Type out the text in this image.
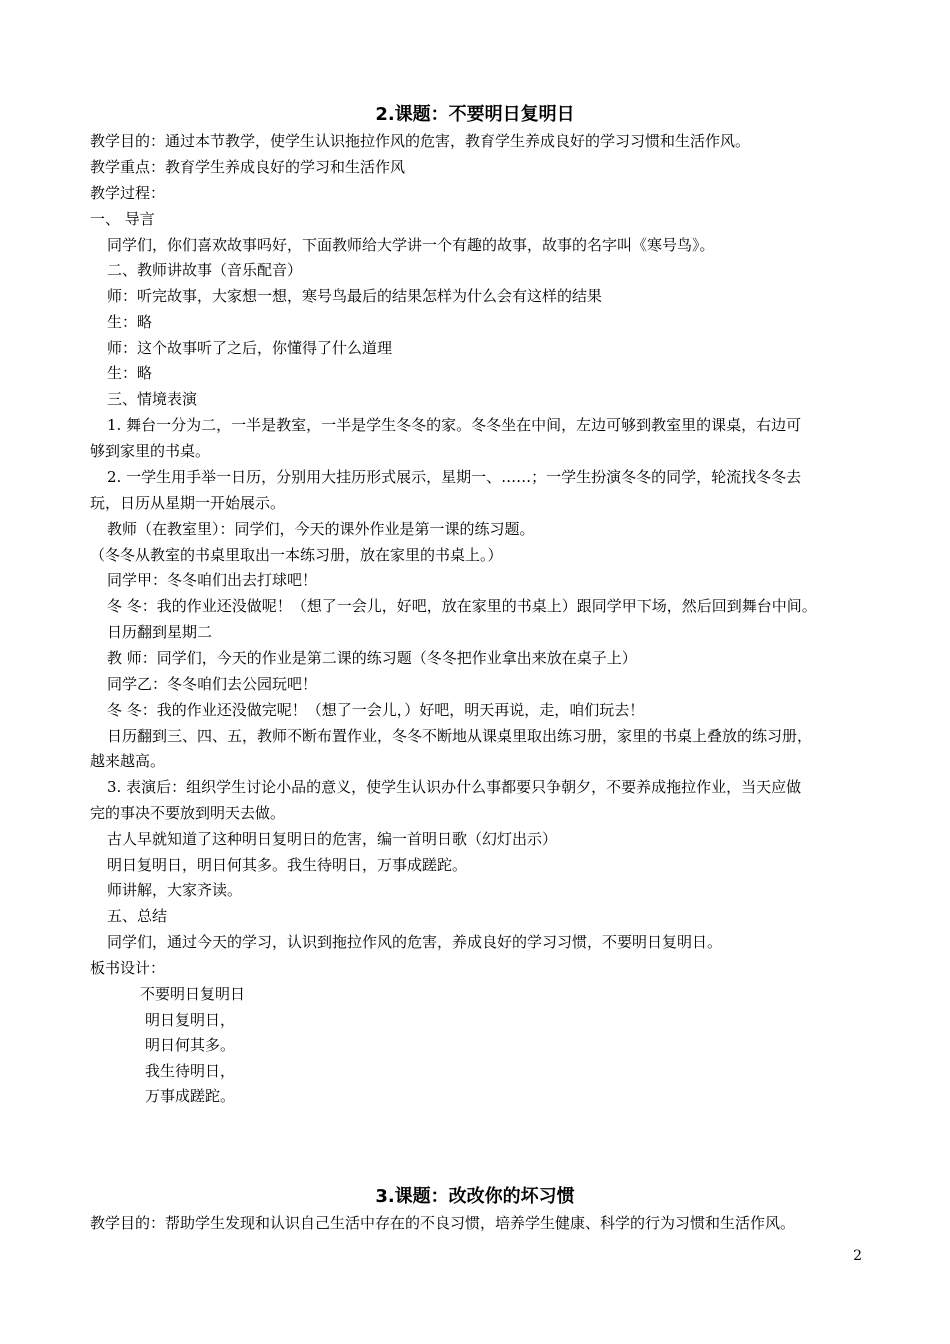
2.课题：不要明日复明日
教学目的：通过本节教学，使学生认识拖拉作风的危害，教育学生养成良好的学习习惯和生活作风。
教学重点：教育学生养成良好的学习和生活作风
教学过程：
一、 导言
同学们，你们喜欢故事吗好，下面教师给大学讲一个有趣的故事，故事的名字叫《寒号鸟》。
二、教师讲故事（音乐配音）
师：听完故事，大家想一想，寒号鸟最后的结果怎样为什么会有这样的结果
生：略
师：这个故事听了之后，你懂得了什么道理
生：略
三、情境表演
1. 舞台一分为二，一半是教室，一半是学生冬冬的家。冬冬坐在中间，左边可够到教室里的课桌，右边可
够到家里的书桌。
2. 一学生用手举一日历，分别用大挂历形式展示，星期一、……；一学生扮演冬冬的同学，轮流找冬冬去
玩，日历从星期一开始展示。
教师（在教室里）：同学们，今天的课外作业是第一课的练习题。
（冬冬从教室的书桌里取出一本练习册，放在家里的书桌上。）
同学甲：冬冬咱们出去打球吧！
冬 冬：我的作业还没做呢！（想了一会儿，好吧，放在家里的书桌上）跟同学甲下场，然后回到舞台中间。
日历翻到星期二
教 师：同学们，今天的作业是第二课的练习题（冬冬把作业拿出来放在桌子上）
同学乙：冬冬咱们去公园玩吧！
冬 冬：我的作业还没做完呢！（想了一会儿，）好吧，明天再说，走，咱们玩去！
日历翻到三、四、五，教师不断布置作业，冬冬不断地从课桌里取出练习册，家里的书桌上叠放的练习册，
越来越高。
3. 表演后：组织学生讨论小品的意义，使学生认识办什么事都要只争朝夕，不要养成拖拉作业，当天应做
完的事决不要放到明天去做。
古人早就知道了这种明日复明日的危害，编一首明日歌（幻灯出示）
明日复明日，明日何其多。我生待明日，万事成蹉跎。
师讲解，大家齐读。
五、总结
同学们，通过今天的学习，认识到拖拉作风的危害，养成良好的学习习惯，不要明日复明日。
板书设计：
不要明日复明日
明日复明日，
明日何其多。
我生待明日，
万事成蹉跎。
3.课题：改改你的坏习惯
教学目的：帮助学生发现和认识自己生活中存在的不良习惯，培养学生健康、科学的行为习惯和生活作风。
2
